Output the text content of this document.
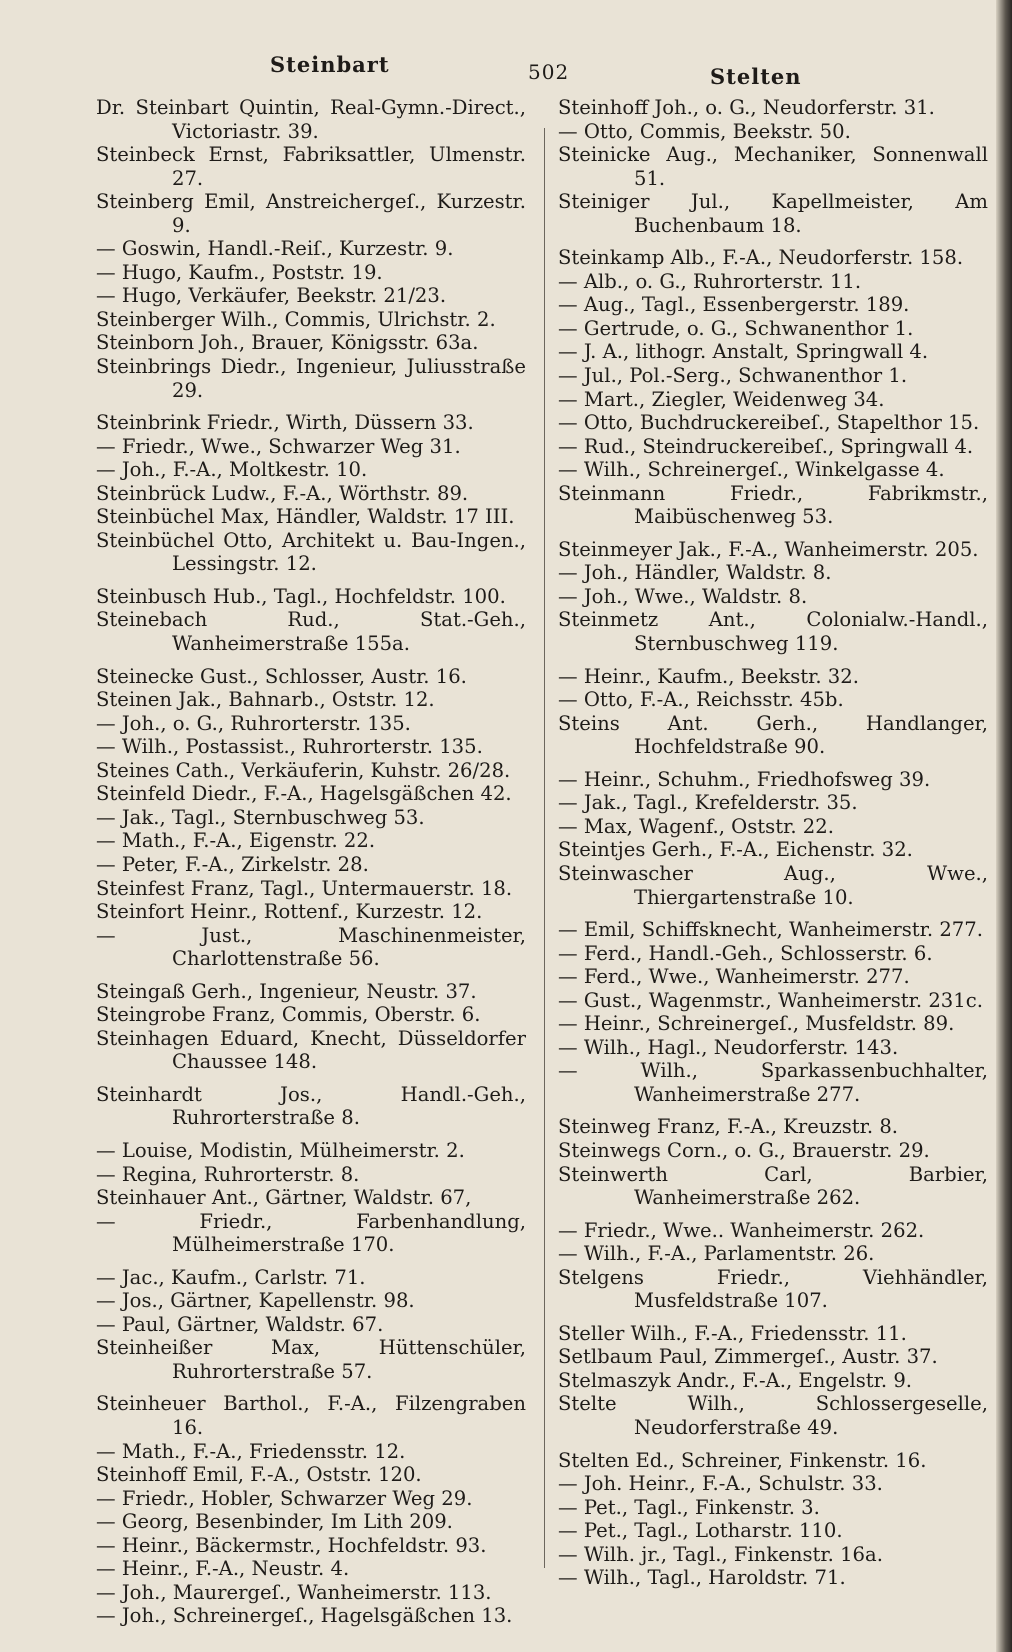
Steinbart	502	Stelten

Dr. Steinbart Quintin, Real-Gymn.-Direct., Victoriastr. 39.

Steinbeck Ernst, Fabriksattler, Ulmenstr. 27.

Steinberg Emil, Anstreichergeſ., Kurzestr. 9.

— Goswin, Handl.-Reiſ., Kurzestr. 9.

— Hugo, Kaufm., Poststr. 19.

— Hugo, Verkäufer, Beekstr. 21/23.

Steinberger Wilh., Commis, Ulrichstr. 2.

Steinborn Joh., Brauer, Königsstr. 63a.

Steinbrings Diedr., Ingenieur, Juliusstraße 29.

Steinbrink Friedr., Wirth, Düssern 33.

— Friedr., Wwe., Schwarzer Weg 31.

— Joh., F.-A., Moltkestr. 10.

Steinbrück Ludw., F.-A., Wörthstr. 89.

Steinbüchel Max, Händler, Waldstr. 17 III.

Steinbüchel Otto, Architekt u. Bau-Ingen., Lessingstr. 12.

Steinbusch Hub., Tagl., Hochfeldstr. 100.

Steinebach Rud., Stat.-Geh., Wanheimerstraße 155a.

Steinecke Gust., Schlosser, Austr. 16.

Steinen Jak., Bahnarb., Oststr. 12.

— Joh., o. G., Ruhrorterstr. 135.

— Wilh., Postassist., Ruhrorterstr. 135.

Steines Cath., Verkäuferin, Kuhstr. 26/28.

Steinfeld Diedr., F.-A., Hagelsgäßchen 42.

— Jak., Tagl., Sternbuschweg 53.

— Math., F.-A., Eigenstr. 22.

— Peter, F.-A., Zirkelstr. 28.

Steinfest Franz, Tagl., Untermauerstr. 18.

Steinfort Heinr., Rottenf., Kurzestr. 12.

— Just., Maschinenmeister, Charlottenstraße 56.

Steingaß Gerh., Ingenieur, Neustr. 37.

Steingrobe Franz, Commis, Oberstr. 6.

Steinhagen Eduard, Knecht, Düsseldorfer Chaussee 148.

Steinhardt Jos., Handl.-Geh., Ruhrorterstraße 8.

— Louise, Modistin, Mülheimerstr. 2.

— Regina, Ruhrorterstr. 8.

Steinhauer Ant., Gärtner, Waldstr. 67,

— Friedr., Farbenhandlung, Mülheimerstraße 170.

— Jac., Kaufm., Carlstr. 71.

— Jos., Gärtner, Kapellenstr. 98.

— Paul, Gärtner, Waldstr. 67.

Steinheißer Max, Hüttenschüler, Ruhrorterstraße 57.

Steinheuer Barthol., F.-A., Filzengraben 16.

— Math., F.-A., Friedensstr. 12.

Steinhoff Emil, F.-A., Oststr. 120.

— Friedr., Hobler, Schwarzer Weg 29.

— Georg, Besenbinder, Im Lith 209.

— Heinr., Bäckermstr., Hochfeldstr. 93.

— Heinr., F.-A., Neustr. 4.

— Joh., Maurergeſ., Wanheimerstr. 113.

— Joh., Schreinergeſ., Hagelsgäßchen 13.

Steinhoff Joh., o. G., Neudorferstr. 31.

— Otto, Commis, Beekstr. 50.

Steinicke Aug., Mechaniker, Sonnenwall 51.

Steiniger Jul., Kapellmeister, Am Buchenbaum 18.

Steinkamp Alb., F.-A., Neudorferstr. 158.

— Alb., o. G., Ruhrorterstr. 11.

— Aug., Tagl., Essenbergerstr. 189.

— Gertrude, o. G., Schwanenthor 1.

— J. A., lithogr. Anstalt, Springwall 4.

— Jul., Pol.-Serg., Schwanenthor 1.

— Mart., Ziegler, Weidenweg 34.

— Otto, Buchdruckereibeſ., Stapelthor 15.

— Rud., Steindruckereibeſ., Springwall 4.

— Wilh., Schreinergeſ., Winkelgasse 4.

Steinmann Friedr., Fabrikmstr., Maibüschenweg 53.

Steinmeyer Jak., F.-A., Wanheimerstr. 205.

— Joh., Händler, Waldstr. 8.

— Joh., Wwe., Waldstr. 8.

Steinmetz Ant., Colonialw.-Handl., Sternbuschweg 119.

— Heinr., Kaufm., Beekstr. 32.

— Otto, F.-A., Reichsstr. 45b.

Steins Ant. Gerh., Handlanger, Hochfeldstraße 90.

— Heinr., Schuhm., Friedhofsweg 39.

— Jak., Tagl., Krefelderstr. 35.

— Max, Wagenf., Oststr. 22.

Steintjes Gerh., F.-A., Eichenstr. 32.

Steinwascher Aug., Wwe., Thiergartenstraße 10.

— Emil, Schiffsknecht, Wanheimerstr. 277.

— Ferd., Handl.-Geh., Schlosserstr. 6.

— Ferd., Wwe., Wanheimerstr. 277.

— Gust., Wagenmstr., Wanheimerstr. 231c.

— Heinr., Schreinergeſ., Musfeldstr. 89.

— Wilh., Hagl., Neudorferstr. 143.

— Wilh., Sparkassenbuchhalter, Wanheimerstraße 277.

Steinweg Franz, F.-A., Kreuzstr. 8.

Steinwegs Corn., o. G., Brauerstr. 29.

Steinwerth Carl, Barbier, Wanheimerstraße 262.

— Friedr., Wwe.. Wanheimerstr. 262.

— Wilh., F.-A., Parlamentstr. 26.

Stelgens Friedr., Viehhändler, Musfeldstraße 107.

Steller Wilh., F.-A., Friedensstr. 11.

Setlbaum Paul, Zimmergeſ., Austr. 37.

Stelmaszyk Andr., F.-A., Engelstr. 9.

Stelte Wilh., Schlossergeselle, Neudorferstraße 49.

Stelten Ed., Schreiner, Finkenstr. 16.

— Joh. Heinr., F.-A., Schulstr. 33.

— Pet., Tagl., Finkenstr. 3.

— Pet., Tagl., Lotharstr. 110.

— Wilh. jr., Tagl., Finkenstr. 16a.

— Wilh., Tagl., Haroldstr. 71.
